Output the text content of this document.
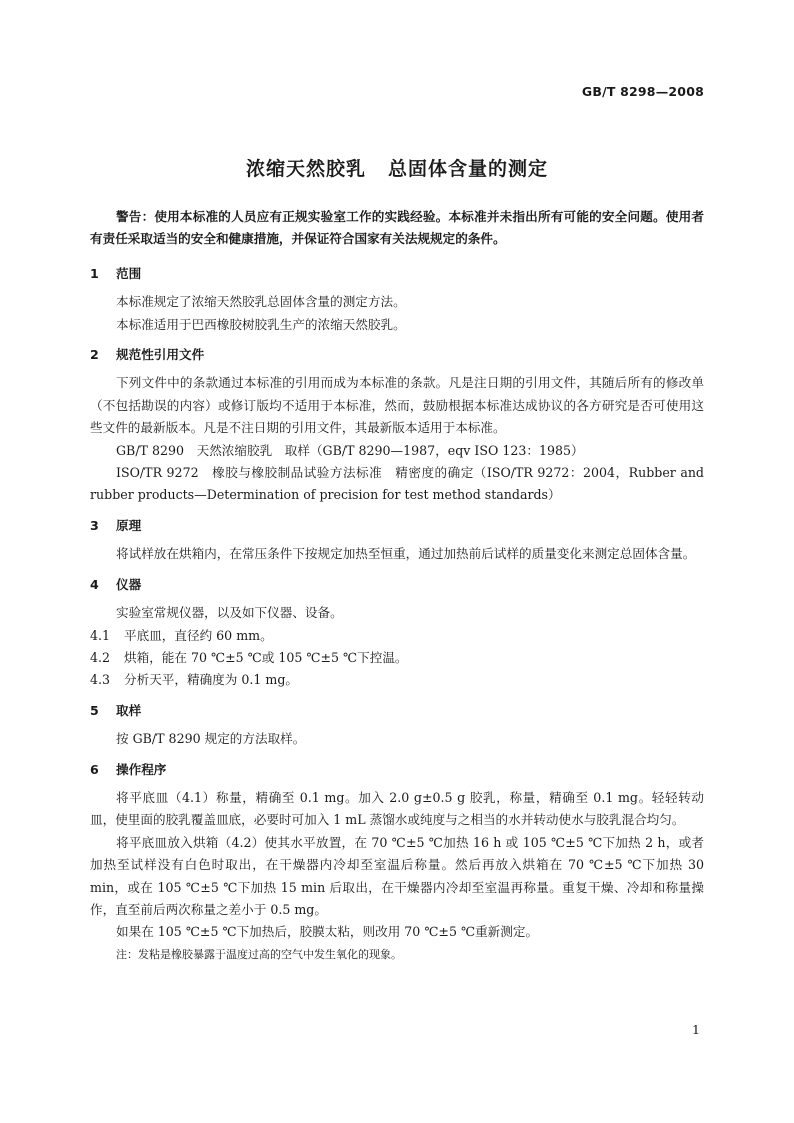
GB/T 8298—2008
浓缩天然胶乳 总固体含量的测定

警告：使用本标准的人员应有正规实验室工作的实践经验。本标准并未指出所有可能的安全问题。使用者有责任采取适当的安全和健康措施，并保证符合国家有关法规规定的条件。

1 范围

本标准规定了浓缩天然胶乳总固体含量的测定方法。

本标准适用于巴西橡胶树胶乳生产的浓缩天然胶乳。

2 规范性引用文件

下列文件中的条款通过本标准的引用而成为本标准的条款。凡是注日期的引用文件，其随后所有的修改单（不包括勘误的内容）或修订版均不适用于本标准，然而，鼓励根据本标准达成协议的各方研究是否可使用这些文件的最新版本。凡是不注日期的引用文件，其最新版本适用于本标准。

GB/T 8290　天然浓缩胶乳　取样（GB/T 8290—1987，eqv ISO 123：1985）

ISO/TR 9272　橡胶与橡胶制品试验方法标准　精密度的确定（ISO/TR 9272：2004，Rubber and rubber products—Determination of precision for test method standards）

3 原理

将试样放在烘箱内，在常压条件下按规定加热至恒重，通过加热前后试样的质量变化来测定总固体含量。

4 仪器

实验室常规仪器，以及如下仪器、设备。

4.1 平底皿，直径约 60 mm。

4.2 烘箱，能在 70 ℃±5 ℃或 105 ℃±5 ℃下控温。

4.3 分析天平，精确度为 0.1 mg。

5 取样

按 GB/T 8290 规定的方法取样。

6 操作程序

将平底皿（4.1）称量，精确至 0.1 mg。加入 2.0 g±0.5 g 胶乳，称量，精确至 0.1 mg。轻轻转动皿，使里面的胶乳覆盖皿底，必要时可加入 1 mL 蒸馏水或纯度与之相当的水并转动使水与胶乳混合均匀。

将平底皿放入烘箱（4.2）使其水平放置，在 70 ℃±5 ℃加热 16 h 或 105 ℃±5 ℃下加热 2 h，或者加热至试样没有白色时取出，在干燥器内冷却至室温后称量。然后再放入烘箱在 70 ℃±5 ℃下加热 30 min，或在 105 ℃±5 ℃下加热 15 min 后取出，在干燥器内冷却至室温再称量。重复干燥、冷却和称量操作，直至前后两次称量之差小于 0.5 mg。

如果在 105 ℃±5 ℃下加热后，胶膜太粘，则改用 70 ℃±5 ℃重新测定。

注：发粘是橡胶暴露于温度过高的空气中发生氧化的现象。

1
